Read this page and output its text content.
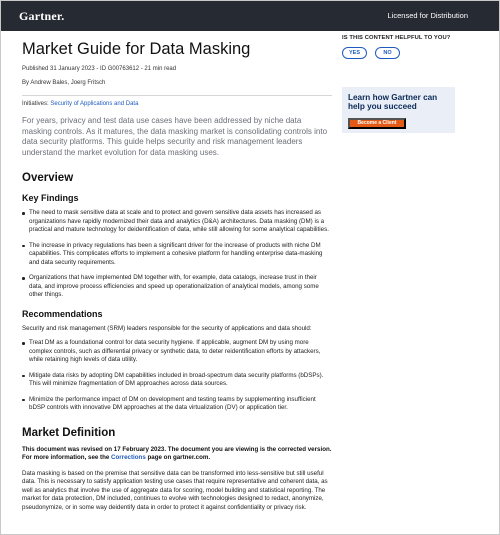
Gartner.	Licensed for Distribution
Market Guide for Data Masking
Published 31 January 2023 - ID G00763612 - 21 min read
By Andrew Bales, Joerg Fritsch
Initiatives: Security of Applications and Data

For years, privacy and test data use cases have been addressed by niche data masking controls. As it matures, the data masking market is consolidating controls into data security platforms. This guide helps security and risk management leaders understand the market evolution for data masking uses.

Overview
Key Findings
The need to mask sensitive data at scale and to protect and govern sensitive data assets has increased as organizations have rapidly modernized their data and analytics (D&A) architectures. Data masking (DM) is a practical and mature technology for deidentification of data, while still allowing for some analytical capabilities.
The increase in privacy regulations has been a significant driver for the increase of products with niche DM capabilities. This complicates efforts to implement a cohesive platform for handling enterprise data-masking and data security requirements.
Organizations that have implemented DM together with, for example, data catalogs, increase trust in their data, and improve process efficiencies and speed up operationalization of analytical models, among some other things.
Recommendations

Security and risk management (SRM) leaders responsible for the security of applications and data should:

Treat DM as a foundational control for data security hygiene. If applicable, augment DM by using more complex controls, such as differential privacy or synthetic data, to deter reidentification efforts by attackers, while retaining high levels of data utility.
Mitigate data risks by adopting DM capabilities included in broad-spectrum data security platforms (bDSPs). This will minimize fragmentation of DM approaches across data sources.
Minimize the performance impact of DM on development and testing teams by supplementing insufficient bDSP controls with innovative DM approaches at the data virtualization (DV) or application tier.
Market Definition

This document was revised on 17 February 2023. The document you are viewing is the corrected version. For more information, see the Corrections page on gartner.com.

Data masking is based on the premise that sensitive data can be transformed into less-sensitive but still useful data. This is necessary to satisfy application testing use cases that require representative and coherent data, as well as analytics that involve the use of aggregate data for scoring, model building and statistical reporting. The market for data protection, DM included, continues to evolve with technologies designed to redact, anonymize, pseudonymize, or in some way deidentify data in order to protect it against confidentiality or privacy risk.

IS THIS CONTENT HELPFUL TO YOU?
YES	NO
Learn how Gartner can help you succeed
Become a Client
